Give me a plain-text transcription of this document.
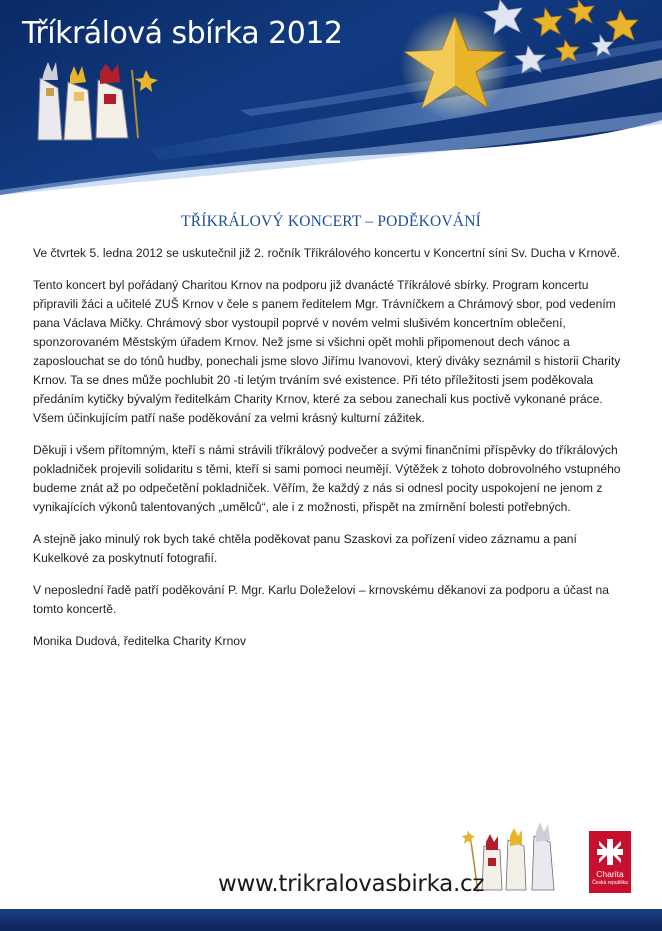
Tříkrálová sbírka 2012
TŘÍKRÁLOVÝ KONCERT – PODĚKOVÁNÍ

Ve čtvrtek 5. ledna 2012 se uskutečnil již 2. ročník Tříkrálového koncertu v Koncertní síni Sv. Ducha v Krnově.

Tento koncert byl pořádaný Charitou Krnov na podporu již dvanácté Tříkrálové sbírky. Program koncertu připravili žáci a učitelé ZUŠ Krnov v čele s panem ředitelem Mgr. Trávníčkem a Chrámový sbor, pod vedením pana Václava Mičky. Chrámový sbor vystoupil poprvé v novém velmi slušivém koncertním oblečení, sponzorovaném Městským úřadem Krnov. Než jsme si všichni opět mohli připomenout dech vánoc a zaposlouchat se do tónů hudby, ponechali jsme slovo Jiřímu Ivanovovi, který diváky seznámil s historii Charity Krnov. Ta se dnes může pochlubit 20 -ti letým trváním své existence. Při této příležitosti jsem poděkovala předáním kytičky bývalým ředitelkám Charity Krnov, které za sebou zanechali kus poctivě vykonané práce. Všem účinkujícím patří naše poděkování za velmi krásný kulturní zážitek.

Děkuji i všem přítomným, kteří s námi strávili tříkrálový podvečer a svými finančními příspěvky do tříkrálových pokladniček projevili solidaritu s těmi, kteří si sami pomoci neumějí. Výtěžek z tohoto dobrovolného vstupného budeme znát až po odpečetění pokladniček. Věřím, že každý z nás si odnesl pocity uspokojení ne jenom z vynikajících výkonů talentovaných „umělců“, ale i z možnosti, přispět na zmírnění bolesti potřebných.

A stejně jako minulý rok bych také chtěla poděkovat panu Szaskovi za pořízení video záznamu a paní Kukelkové za poskytnutí fotografií.

V neposlední řadě patří poděkování P. Mgr. Karlu Doleželovi – krnovskému děkanovi za podporu a účast na tomto koncertě.

Monika Dudová, ředitelka Charity Krnov

Charita
Česká republika
www.trikralovasbirka.cz
